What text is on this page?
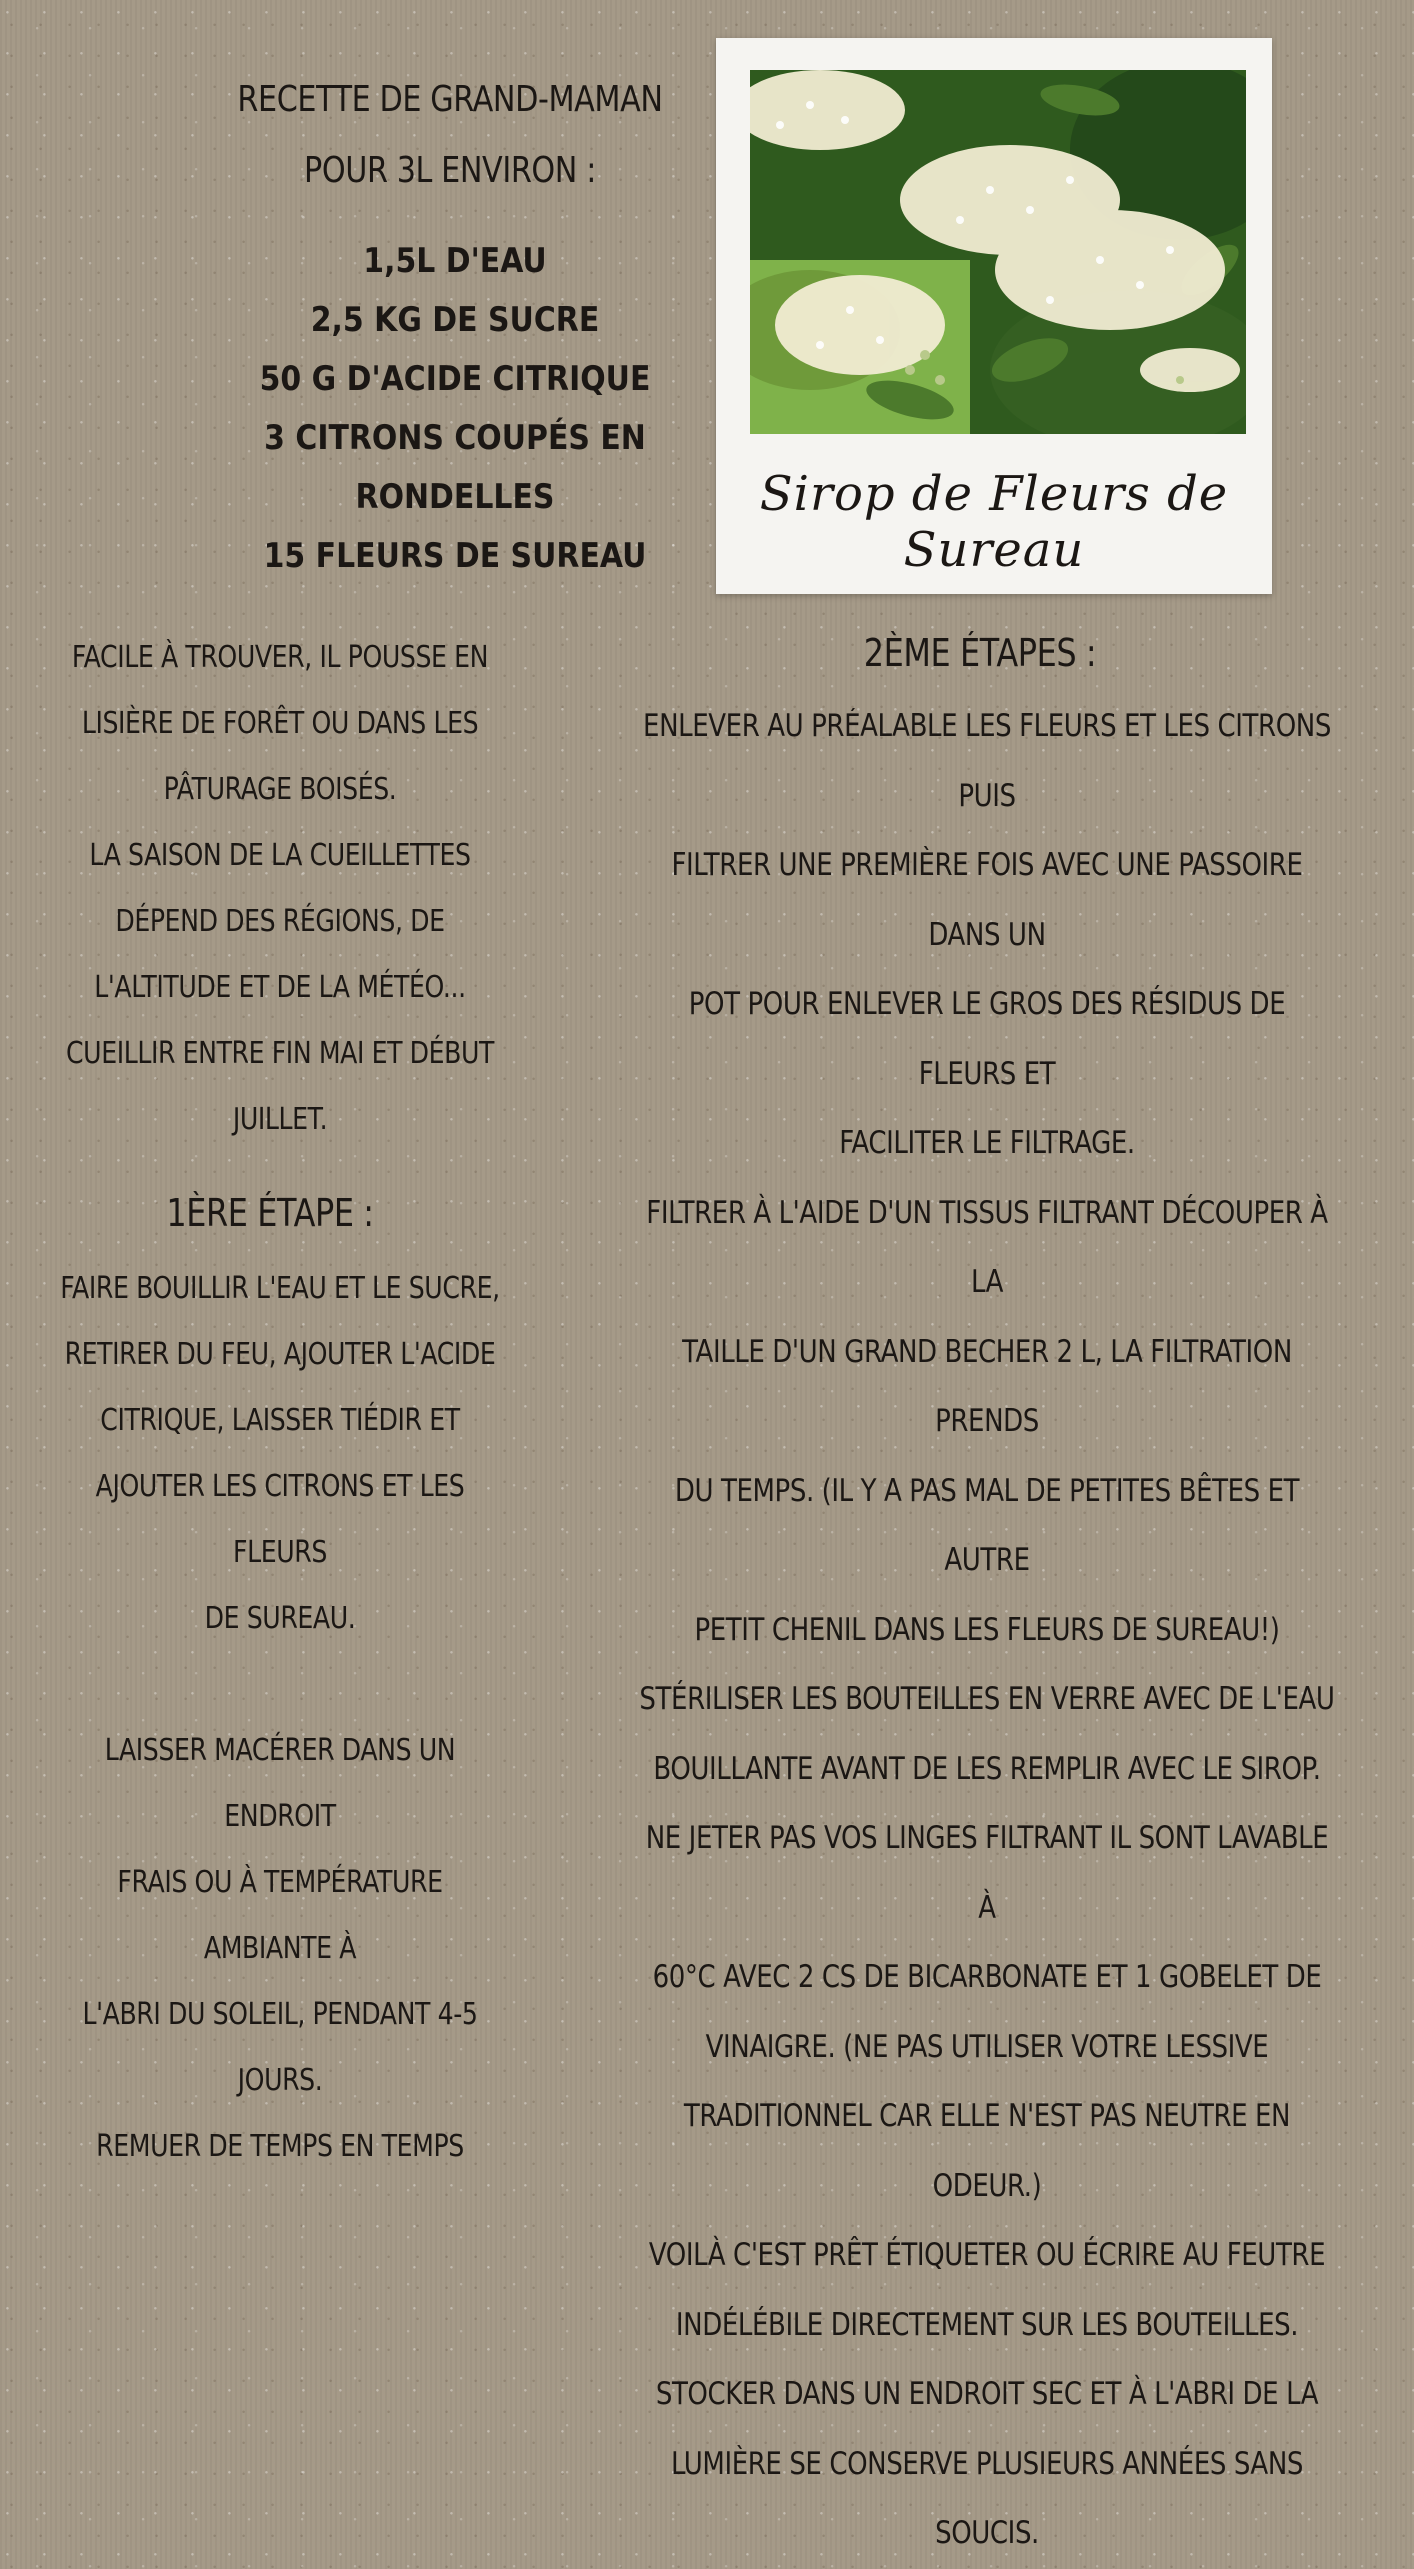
RECETTE DE GRAND-MAMAN
POUR 3L ENVIRON :
1,5L D'EAU
2,5 KG DE SUCRE
50 G D'ACIDE CITRIQUE
3 CITRONS COUPÉS EN
RONDELLES
15 FLEURS DE SUREAU
Sirop de Fleurs de Sureau
FACILE À TROUVER, IL POUSSE EN
LISIÈRE DE FORÊT OU DANS LES
PÂTURAGE BOISÉS.
LA SAISON DE LA CUEILLETTES
DÉPEND DES RÉGIONS, DE
L'ALTITUDE ET DE LA MÉTÉO...
CUEILLIR ENTRE FIN MAI ET DÉBUT
JUILLET.
1ÈRE ÉTAPE :
FAIRE BOUILLIR L'EAU ET LE SUCRE,
RETIRER DU FEU, AJOUTER L'ACIDE
CITRIQUE, LAISSER TIÉDIR ET
AJOUTER LES CITRONS ET LES FLEURS
DE SUREAU.

LAISSER MACÉRER DANS UN ENDROIT
FRAIS OU À TEMPÉRATURE AMBIANTE À
L'ABRI DU SOLEIL, PENDANT 4-5
JOURS.
REMUER DE TEMPS EN TEMPS
2ÈME ÉTAPES :
ENLEVER AU PRÉALABLE LES FLEURS ET LES CITRONS PUIS
FILTRER UNE PREMIÈRE FOIS AVEC UNE PASSOIRE DANS UN
POT POUR ENLEVER LE GROS DES RÉSIDUS DE FLEURS ET
FACILITER LE FILTRAGE.
FILTRER À L'AIDE D'UN TISSUS FILTRANT DÉCOUPER À LA
TAILLE D'UN GRAND BECHER 2 L, LA FILTRATION PRENDS
DU TEMPS. (IL Y A PAS MAL DE PETITES BÊTES ET AUTRE
PETIT CHENIL DANS LES FLEURS DE SUREAU!)
STÉRILISER LES BOUTEILLES EN VERRE AVEC DE L'EAU
BOUILLANTE AVANT DE LES REMPLIR AVEC LE SIROP.
NE JETER PAS VOS LINGES FILTRANT IL SONT LAVABLE À
60°C AVEC 2 CS DE BICARBONATE ET 1 GOBELET DE
VINAIGRE. (NE PAS UTILISER VOTRE LESSIVE
TRADITIONNEL CAR ELLE N'EST PAS NEUTRE EN ODEUR.)
VOILÀ C'EST PRÊT ÉTIQUETER OU ÉCRIRE AU FEUTRE
INDÉLÉBILE DIRECTEMENT SUR LES BOUTEILLES.
STOCKER DANS UN ENDROIT SEC ET À L'ABRI DE LA
LUMIÈRE SE CONSERVE PLUSIEURS ANNÉES SANS SOUCIS.
